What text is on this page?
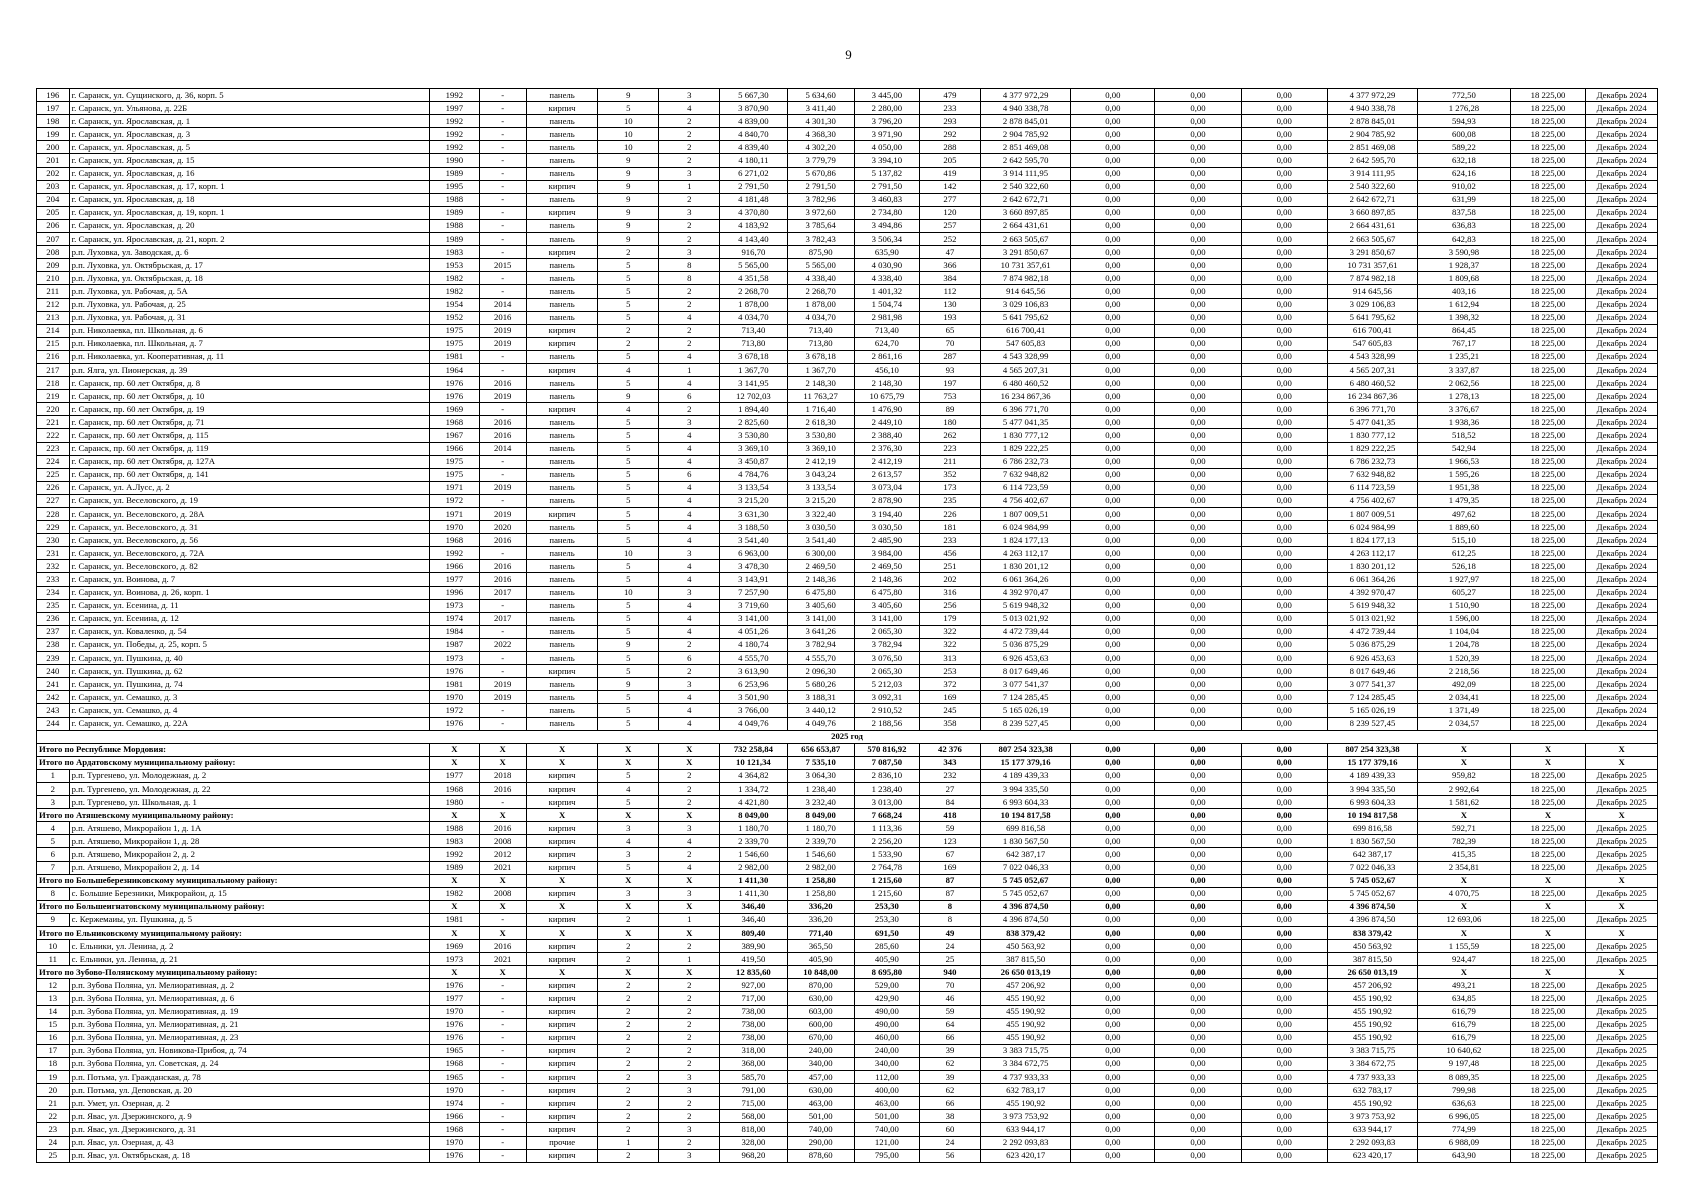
9
196	г. Саранск, ул. Сущинского, д. 36, корп. 5	1992	-	панель	9	3	5 667,30	5 634,60	3 445,00	479	4 377 972,29	0,00	0,00	0,00	4 377 972,29	772,50	18 225,00	Декабрь 2024
197	г. Саранск, ул. Ульянова, д. 22Б	1997	-	кирпич	5	4	3 870,90	3 411,40	2 280,00	233	4 940 338,78	0,00	0,00	0,00	4 940 338,78	1 276,28	18 225,00	Декабрь 2024
198	г. Саранск, ул. Ярославская, д. 1	1992	-	панель	10	2	4 839,00	4 301,30	3 796,20	293	2 878 845,01	0,00	0,00	0,00	2 878 845,01	594,93	18 225,00	Декабрь 2024
199	г. Саранск, ул. Ярославская, д. 3	1992	-	панель	10	2	4 840,70	4 368,30	3 971,90	292	2 904 785,92	0,00	0,00	0,00	2 904 785,92	600,08	18 225,00	Декабрь 2024
200	г. Саранск, ул. Ярославская, д. 5	1992	-	панель	10	2	4 839,40	4 302,20	4 050,00	288	2 851 469,08	0,00	0,00	0,00	2 851 469,08	589,22	18 225,00	Декабрь 2024
201	г. Саранск, ул. Ярославская, д. 15	1990	-	панель	9	2	4 180,11	3 779,79	3 394,10	205	2 642 595,70	0,00	0,00	0,00	2 642 595,70	632,18	18 225,00	Декабрь 2024
202	г. Саранск, ул. Ярославская, д. 16	1989	-	панель	9	3	6 271,02	5 670,86	5 137,82	419	3 914 111,95	0,00	0,00	0,00	3 914 111,95	624,16	18 225,00	Декабрь 2024
203	г. Саранск, ул. Ярославская, д. 17, корп. 1	1995	-	кирпич	9	1	2 791,50	2 791,50	2 791,50	142	2 540 322,60	0,00	0,00	0,00	2 540 322,60	910,02	18 225,00	Декабрь 2024
204	г. Саранск, ул. Ярославская, д. 18	1988	-	панель	9	2	4 181,48	3 782,96	3 460,83	277	2 642 672,71	0,00	0,00	0,00	2 642 672,71	631,99	18 225,00	Декабрь 2024
205	г. Саранск, ул. Ярославская, д. 19, корп. 1	1989	-	кирпич	9	3	4 370,80	3 972,60	2 734,80	120	3 660 897,85	0,00	0,00	0,00	3 660 897,85	837,58	18 225,00	Декабрь 2024
206	г. Саранск, ул. Ярославская, д. 20	1988	-	панель	9	2	4 183,92	3 785,64	3 494,86	257	2 664 431,61	0,00	0,00	0,00	2 664 431,61	636,83	18 225,00	Декабрь 2024
207	г. Саранск, ул. Ярославская, д. 21, корп. 2	1989	-	панель	9	2	4 143,40	3 782,43	3 506,34	252	2 663 505,67	0,00	0,00	0,00	2 663 505,67	642,83	18 225,00	Декабрь 2024
208	р.п. Луховка, ул. Заводская, д. 6	1983	-	кирпич	2	3	916,70	875,90	635,90	47	3 291 850,67	0,00	0,00	0,00	3 291 850,67	3 590,98	18 225,00	Декабрь 2024
209	р.п. Луховка, ул. Октябрьская, д. 17	1953	2015	панель	5	8	5 565,00	5 565,00	4 030,90	366	10 731 357,61	0,00	0,00	0,00	10 731 357,61	1 928,37	18 225,00	Декабрь 2024
210	р.п. Луховка, ул. Октябрьская, д. 18	1982	-	панель	5	8	4 351,58	4 338,40	4 338,40	384	7 874 982,18	0,00	0,00	0,00	7 874 982,18	1 809,68	18 225,00	Декабрь 2024
211	р.п. Луховка, ул. Рабочая, д. 5А	1982	-	панель	5	2	2 268,70	2 268,70	1 401,32	112	914 645,56	0,00	0,00	0,00	914 645,56	403,16	18 225,00	Декабрь 2024
212	р.п. Луховка, ул. Рабочая, д. 25	1954	2014	панель	5	2	1 878,00	1 878,00	1 504,74	130	3 029 106,83	0,00	0,00	0,00	3 029 106,83	1 612,94	18 225,00	Декабрь 2024
213	р.п. Луховка, ул. Рабочая, д. 31	1952	2016	панель	5	4	4 034,70	4 034,70	2 981,98	193	5 641 795,62	0,00	0,00	0,00	5 641 795,62	1 398,32	18 225,00	Декабрь 2024
214	р.п. Николаевка, пл. Школьная, д. 6	1975	2019	кирпич	2	2	713,40	713,40	713,40	65	616 700,41	0,00	0,00	0,00	616 700,41	864,45	18 225,00	Декабрь 2024
215	р.п. Николаевка, пл. Школьная, д. 7	1975	2019	кирпич	2	2	713,80	713,80	624,70	70	547 605,83	0,00	0,00	0,00	547 605,83	767,17	18 225,00	Декабрь 2024
216	р.п. Николаевка, ул. Кооперативная, д. 11	1981	-	панель	5	4	3 678,18	3 678,18	2 861,16	287	4 543 328,99	0,00	0,00	0,00	4 543 328,99	1 235,21	18 225,00	Декабрь 2024
217	р.п. Ялга, ул. Пионерская, д. 39	1964	-	кирпич	4	1	1 367,70	1 367,70	456,10	93	4 565 207,31	0,00	0,00	0,00	4 565 207,31	3 337,87	18 225,00	Декабрь 2024
218	г. Саранск, пр. 60 лет Октября, д. 8	1976	2016	панель	5	4	3 141,95	2 148,30	2 148,30	197	6 480 460,52	0,00	0,00	0,00	6 480 460,52	2 062,56	18 225,00	Декабрь 2024
219	г. Саранск, пр. 60 лет Октября, д. 10	1976	2019	панель	9	6	12 702,03	11 763,27	10 675,79	753	16 234 867,36	0,00	0,00	0,00	16 234 867,36	1 278,13	18 225,00	Декабрь 2024
220	г. Саранск, пр. 60 лет Октября, д. 19	1969	-	кирпич	4	2	1 894,40	1 716,40	1 476,90	89	6 396 771,70	0,00	0,00	0,00	6 396 771,70	3 376,67	18 225,00	Декабрь 2024
221	г. Саранск, пр. 60 лет Октября, д. 71	1968	2016	панель	5	3	2 825,60	2 618,30	2 449,10	180	5 477 041,35	0,00	0,00	0,00	5 477 041,35	1 938,36	18 225,00	Декабрь 2024
222	г. Саранск, пр. 60 лет Октября, д. 115	1967	2016	панель	5	4	3 530,80	3 530,80	2 388,40	262	1 830 777,12	0,00	0,00	0,00	1 830 777,12	518,52	18 225,00	Декабрь 2024
223	г. Саранск, пр. 60 лет Октября, д. 119	1966	2014	панель	5	4	3 369,10	3 369,10	2 376,30	223	1 829 222,25	0,00	0,00	0,00	1 829 222,25	542,94	18 225,00	Декабрь 2024
224	г. Саранск, пр. 60 лет Октября, д. 127А	1975	-	панель	5	4	3 450,87	2 412,19	2 412,19	211	6 786 232,73	0,00	0,00	0,00	6 786 232,73	1 966,53	18 225,00	Декабрь 2024
225	г. Саранск, пр. 60 лет Октября, д. 141	1975	-	панель	5	6	4 784,76	3 043,24	2 613,57	352	7 632 948,82	0,00	0,00	0,00	7 632 948,82	1 595,26	18 225,00	Декабрь 2024
226	г. Саранск, ул. А.Лусс, д. 2	1971	2019	панель	5	4	3 133,54	3 133,54	3 073,04	173	6 114 723,59	0,00	0,00	0,00	6 114 723,59	1 951,38	18 225,00	Декабрь 2024
227	г. Саранск, ул. Веселовского, д. 19	1972	-	панель	5	4	3 215,20	3 215,20	2 878,90	235	4 756 402,67	0,00	0,00	0,00	4 756 402,67	1 479,35	18 225,00	Декабрь 2024
228	г. Саранск, ул. Веселовского, д. 28А	1971	2019	кирпич	5	4	3 631,30	3 322,40	3 194,40	226	1 807 009,51	0,00	0,00	0,00	1 807 009,51	497,62	18 225,00	Декабрь 2024
229	г. Саранск, ул. Веселовского, д. 31	1970	2020	панель	5	4	3 188,50	3 030,50	3 030,50	181	6 024 984,99	0,00	0,00	0,00	6 024 984,99	1 889,60	18 225,00	Декабрь 2024
230	г. Саранск, ул. Веселовского, д. 56	1968	2016	панель	5	4	3 541,40	3 541,40	2 485,90	233	1 824 177,13	0,00	0,00	0,00	1 824 177,13	515,10	18 225,00	Декабрь 2024
231	г. Саранск, ул. Веселовского, д. 72А	1992	-	панель	10	3	6 963,00	6 300,00	3 984,00	456	4 263 112,17	0,00	0,00	0,00	4 263 112,17	612,25	18 225,00	Декабрь 2024
232	г. Саранск, ул. Веселовского, д. 82	1966	2016	панель	5	4	3 478,30	2 469,50	2 469,50	251	1 830 201,12	0,00	0,00	0,00	1 830 201,12	526,18	18 225,00	Декабрь 2024
233	г. Саранск, ул. Воинова, д. 7	1977	2016	панель	5	4	3 143,91	2 148,36	2 148,36	202	6 061 364,26	0,00	0,00	0,00	6 061 364,26	1 927,97	18 225,00	Декабрь 2024
234	г. Саранск, ул. Воинова, д. 26, корп. 1	1996	2017	панель	10	3	7 257,90	6 475,80	6 475,80	316	4 392 970,47	0,00	0,00	0,00	4 392 970,47	605,27	18 225,00	Декабрь 2024
235	г. Саранск, ул. Есенина, д. 11	1973	-	панель	5	4	3 719,60	3 405,60	3 405,60	256	5 619 948,32	0,00	0,00	0,00	5 619 948,32	1 510,90	18 225,00	Декабрь 2024
236	г. Саранск, ул. Есенина, д. 12	1974	2017	панель	5	4	3 141,00	3 141,00	3 141,00	179	5 013 021,92	0,00	0,00	0,00	5 013 021,92	1 596,00	18 225,00	Декабрь 2024
237	г. Саранск, ул. Коваленко, д. 54	1984	-	панель	5	4	4 051,26	3 641,26	2 065,30	322	4 472 739,44	0,00	0,00	0,00	4 472 739,44	1 104,04	18 225,00	Декабрь 2024
238	г. Саранск, ул. Победы, д. 25, корп. 5	1987	2022	панель	9	2	4 180,74	3 782,94	3 782,94	322	5 036 875,29	0,00	0,00	0,00	5 036 875,29	1 204,78	18 225,00	Декабрь 2024
239	г. Саранск, ул. Пушкина, д. 40	1973	-	панель	5	6	4 555,70	4 555,70	3 076,50	313	6 926 453,63	0,00	0,00	0,00	6 926 453,63	1 520,39	18 225,00	Декабрь 2024
240	г. Саранск, ул. Пушкина, д. 62	1976	-	кирпич	5	2	3 613,90	2 096,30	2 065,30	253	8 017 649,46	0,00	0,00	0,00	8 017 649,46	2 218,56	18 225,00	Декабрь 2024
241	г. Саранск, ул. Пушкина, д. 74	1981	2019	панель	9	3	6 253,96	5 680,26	5 212,03	372	3 077 541,37	0,00	0,00	0,00	3 077 541,37	492,09	18 225,00	Декабрь 2024
242	г. Саранск, ул. Семашко, д. 3	1970	2019	панель	5	4	3 501,90	3 188,31	3 092,31	169	7 124 285,45	0,00	0,00	0,00	7 124 285,45	2 034,41	18 225,00	Декабрь 2024
243	г. Саранск, ул. Семашко, д. 4	1972	-	панель	5	4	3 766,00	3 440,12	2 910,52	245	5 165 026,19	0,00	0,00	0,00	5 165 026,19	1 371,49	18 225,00	Декабрь 2024
244	г. Саранск, ул. Семашко, д. 22А	1976	-	панель	5	4	4 049,76	4 049,76	2 188,56	358	8 239 527,45	0,00	0,00	0,00	8 239 527,45	2 034,57	18 225,00	Декабрь 2024
2025 год																		
Итого по Республике Мордовия:		X	X	X	X	X	732 258,84	656 653,87	570 816,92	42 376	807 254 323,38	0,00	0,00	0,00	807 254 323,38	X	X	X
Итого по Ардатовскому муниципальному району:		X	X	X	X	X	10 121,34	7 535,10	7 087,50	343	15 177 379,16	0,00	0,00	0,00	15 177 379,16	X	X	X
1	р.п. Тургенево, ул. Молодежная, д. 2	1977	2018	кирпич	5	2	4 364,82	3 064,30	2 836,10	232	4 189 439,33	0,00	0,00	0,00	4 189 439,33	959,82	18 225,00	Декабрь 2025
2	р.п. Тургенево, ул. Молодежная, д. 22	1968	2016	кирпич	4	2	1 334,72	1 238,40	1 238,40	27	3 994 335,50	0,00	0,00	0,00	3 994 335,50	2 992,64	18 225,00	Декабрь 2025
3	р.п. Тургенево, ул. Школьная, д. 1	1980	-	кирпич	5	2	4 421,80	3 232,40	3 013,00	84	6 993 604,33	0,00	0,00	0,00	6 993 604,33	1 581,62	18 225,00	Декабрь 2025
Итого по Атяшевскому муниципальному району:		X	X	X	X	X	8 049,00	8 049,00	7 668,24	418	10 194 817,58	0,00	0,00	0,00	10 194 817,58	X	X	X
4	р.п. Атяшево, Микрорайон 1, д. 1А	1988	2016	кирпич	3	3	1 180,70	1 180,70	1 113,36	59	699 816,58	0,00	0,00	0,00	699 816,58	592,71	18 225,00	Декабрь 2025
5	р.п. Атяшево, Микрорайон 1, д. 28	1983	2008	кирпич	4	4	2 339,70	2 339,70	2 256,20	123	1 830 567,50	0,00	0,00	0,00	1 830 567,50	782,39	18 225,00	Декабрь 2025
6	р.п. Атяшево, Микрорайон 2, д. 2	1992	2012	кирпич	3	2	1 546,60	1 546,60	1 533,90	67	642 387,17	0,00	0,00	0,00	642 387,17	415,35	18 225,00	Декабрь 2025
7	р.п. Атяшево, Микрорайон 2, д. 14	1989	2021	кирпич	5	4	2 982,00	2 982,00	2 764,78	169	7 022 046,33	0,00	0,00	0,00	7 022 046,33	2 354,81	18 225,00	Декабрь 2025
Итого по Большеберезниковскому муниципальному району:		X	X	X	X	X	1 411,30	1 258,80	1 215,60	87	5 745 052,67	0,00	0,00	0,00	5 745 052,67	X	X	X
8	с. Большие Березники, Микрорайон, д. 15	1982	2008	кирпич	3	3	1 411,30	1 258,80	1 215,60	87	5 745 052,67	0,00	0,00	0,00	5 745 052,67	4 070,75	18 225,00	Декабрь 2025
Итого по Большеигнатовскому муниципальному району:		X	X	X	X	X	346,40	336,20	253,30	8	4 396 874,50	0,00	0,00	0,00	4 396 874,50	X	X	X
9	с. Кержемаиы, ул. Пушкина, д. 5	1981	-	кирпич	2	1	346,40	336,20	253,30	8	4 396 874,50	0,00	0,00	0,00	4 396 874,50	12 693,06	18 225,00	Декабрь 2025
Итого по Ельниковскому муниципальному району:		X	X	X	X	X	809,40	771,40	691,50	49	838 379,42	0,00	0,00	0,00	838 379,42	X	X	X
10	с. Ельники, ул. Ленина, д. 2	1969	2016	кирпич	2	2	389,90	365,50	285,60	24	450 563,92	0,00	0,00	0,00	450 563,92	1 155,59	18 225,00	Декабрь 2025
11	с. Ельники, ул. Ленина, д. 21	1973	2021	кирпич	2	1	419,50	405,90	405,90	25	387 815,50	0,00	0,00	0,00	387 815,50	924,47	18 225,00	Декабрь 2025
Итого по Зубово-Полянскому муниципальному району:		X	X	X	X	X	12 835,60	10 848,00	8 695,80	940	26 650 013,19	0,00	0,00	0,00	26 650 013,19	X	X	X
12	р.п. Зубова Поляна, ул. Мелиоративная, д. 2	1976	-	кирпич	2	2	927,00	870,00	529,00	70	457 206,92	0,00	0,00	0,00	457 206,92	493,21	18 225,00	Декабрь 2025
13	р.п. Зубова Поляна, ул. Мелиоративная, д. 6	1977	-	кирпич	2	2	717,00	630,00	429,90	46	455 190,92	0,00	0,00	0,00	455 190,92	634,85	18 225,00	Декабрь 2025
14	р.п. Зубова Поляна, ул. Мелиоративная, д. 19	1970	-	кирпич	2	2	738,00	603,00	490,00	59	455 190,92	0,00	0,00	0,00	455 190,92	616,79	18 225,00	Декабрь 2025
15	р.п. Зубова Поляна, ул. Мелиоративная, д. 21	1976	-	кирпич	2	2	738,00	600,00	490,00	64	455 190,92	0,00	0,00	0,00	455 190,92	616,79	18 225,00	Декабрь 2025
16	р.п. Зубова Поляна, ул. Мелиоративная, д. 23	1976	-	кирпич	2	2	738,00	670,00	460,00	66	455 190,92	0,00	0,00	0,00	455 190,92	616,79	18 225,00	Декабрь 2025
17	р.п. Зубова Поляна, ул. Новикова-Прибоя, д. 74	1965	-	кирпич	2	2	318,00	240,00	240,00	39	3 383 715,75	0,00	0,00	0,00	3 383 715,75	10 640,62	18 225,00	Декабрь 2025
18	р.п. Зубова Поляна, ул. Советская, д. 24	1968	-	кирпич	2	2	368,00	340,00	340,00	62	3 384 672,75	0,00	0,00	0,00	3 384 672,75	9 197,48	18 225,00	Декабрь 2025
19	р.п. Потьма, ул. Гражданская, д. 78	1965	-	кирпич	2	3	585,70	457,00	112,00	39	4 737 933,33	0,00	0,00	0,00	4 737 933,33	8 089,35	18 225,00	Декабрь 2025
20	р.п. Потьма, ул. Деповская, д. 20	1970	-	кирпич	2	3	791,00	630,00	400,00	62	632 783,17	0,00	0,00	0,00	632 783,17	799,98	18 225,00	Декабрь 2025
21	р.п. Умет, ул. Озерная, д. 2	1974	-	кирпич	2	2	715,00	463,00	463,00	66	455 190,92	0,00	0,00	0,00	455 190,92	636,63	18 225,00	Декабрь 2025
22	р.п. Явас, ул. Дзержинского, д. 9	1966	-	кирпич	2	2	568,00	501,00	501,00	38	3 973 753,92	0,00	0,00	0,00	3 973 753,92	6 996,05	18 225,00	Декабрь 2025
23	р.п. Явас, ул. Дзержинского, д. 31	1968	-	кирпич	2	3	818,00	740,00	740,00	60	633 944,17	0,00	0,00	0,00	633 944,17	774,99	18 225,00	Декабрь 2025
24	р.п. Явас, ул. Озерная, д. 43	1970	-	прочие	1	2	328,00	290,00	121,00	24	2 292 093,83	0,00	0,00	0,00	2 292 093,83	6 988,09	18 225,00	Декабрь 2025
25	р.п. Явас, ул. Октябрьская, д. 18	1976	-	кирпич	2	3	968,20	878,60	795,00	56	623 420,17	0,00	0,00	0,00	623 420,17	643,90	18 225,00	Декабрь 2025
